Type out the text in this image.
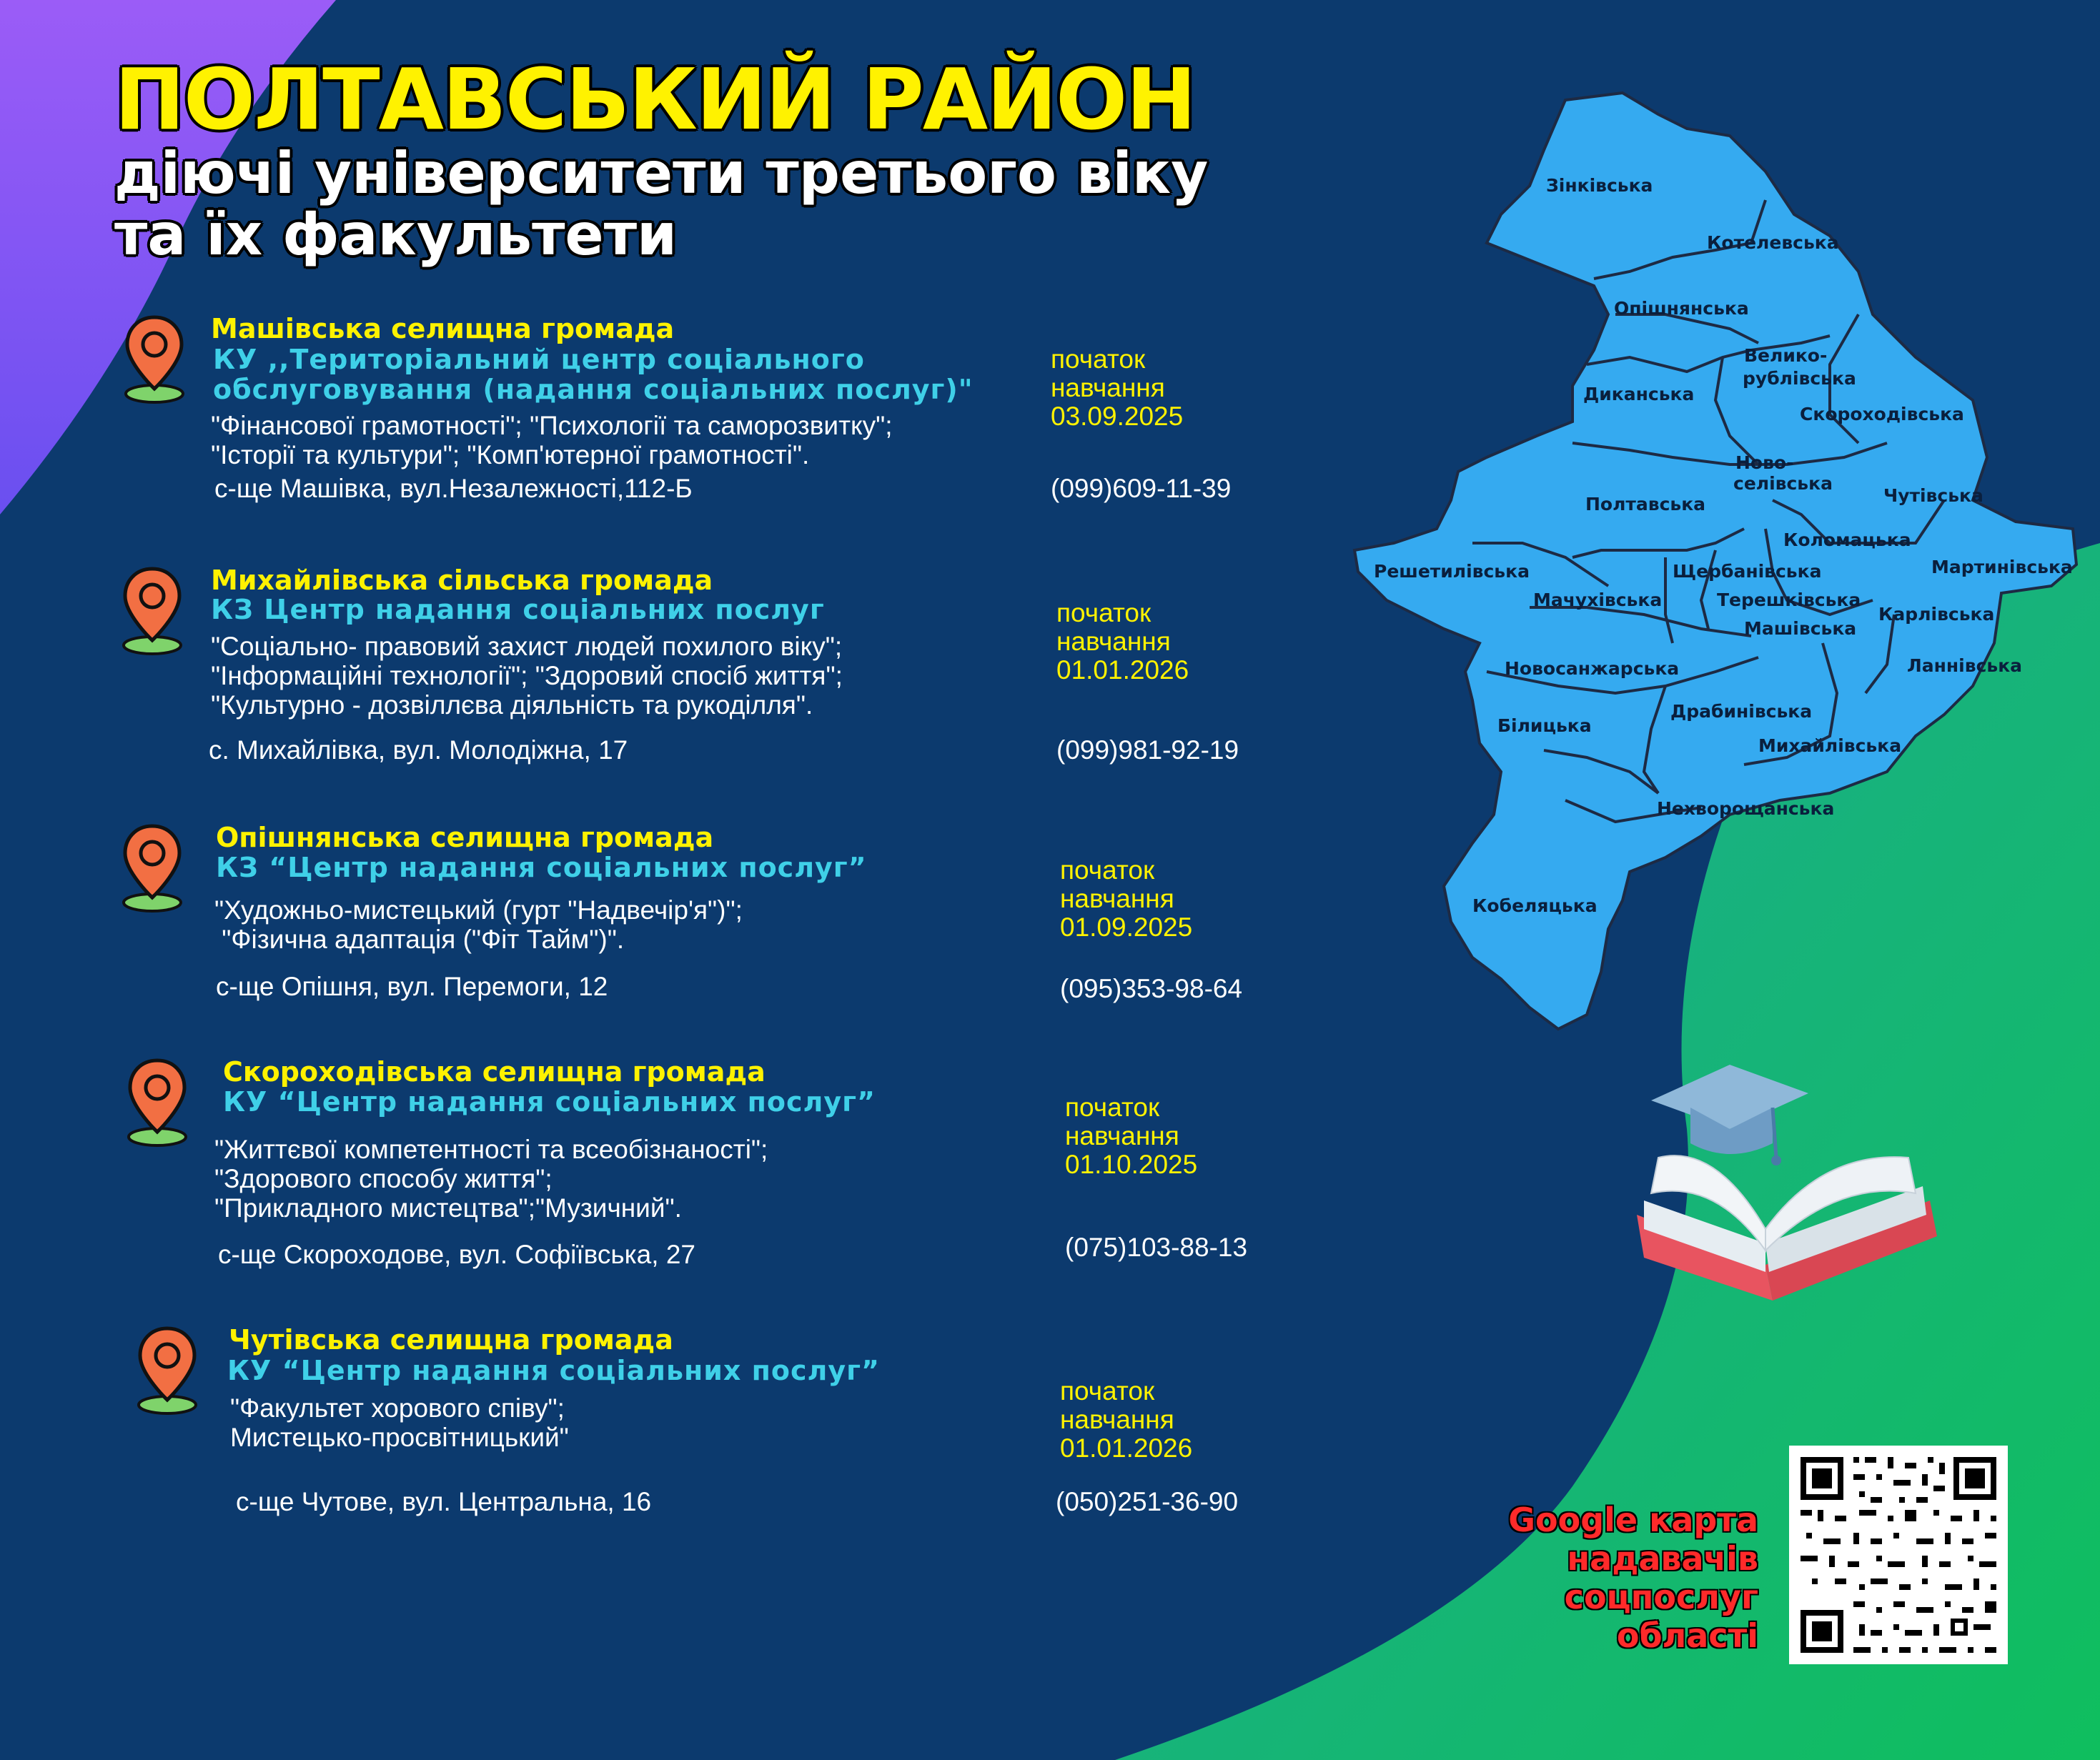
ПОЛТАВСЬКИЙ РАЙОН
діючі університети третього віку
та їх факультети
Машівська селищна громада
КУ ,,Територіальний центр соціального
обслуговування (надання соціальних послуг)"
"Фінансової грамотності"; "Психології та саморозвитку";
"Історії та культури"; "Комп'ютерної грамотності".
с-ще Машівка, вул.Незалежності,112-Б
початок
навчання
03.09.2025
(099)609-11-39
Михайлівська сільська громада
КЗ Центр надання соціальних послуг
"Соціально- правовий захист людей похилого віку";
"Інформаційні технології"; "Здоровий спосіб життя";
"Культурно - дозвіллєва діяльність та рукоділля".
с. Михайлівка, вул. Молодіжна, 17
початок
навчання
01.01.2026
(099)981-92-19
Опішнянська селищна громада
КЗ “Центр надання соціальних послуг”
"Художньо-мистецький (гурт "Надвечір'я")";
"Фізична адаптація ("Фіт Тайм")".
с-ще Опішня, вул. Перемоги, 12
початок
навчання
01.09.2025
(095)353-98-64
Скороходівська селищна громада
КУ “Центр надання соціальних послуг”
"Життєвої компетентності та всеобізнаності";
"Здорового способу життя";
"Прикладного мистецтва";"Музичний".
с-ще Скороходове, вул. Софіївська, 27
початок
навчання
01.10.2025
(075)103-88-13
Чутівська селищна громада
КУ “Центр надання соціальних послуг”
"Факультет хорового співу";
Мистецько-просвітницький"
с-ще Чутове, вул. Центральна, 16
початок
навчання
01.01.2026
(050)251-36-90
Зінківська
Котелевська
Опішнянська
Велико-
рублівська
Диканська
Скороходівська
Ново-
селівська
Чутівська
Полтавська
Коломацька
Решетилівська	Мартинівська
Щербанівська
Мачухівська	Терешківська
Карлівська
Машівська
Ланнівська
Новосанжарська
Драбинівська
Білицька
Михайлівська
Нехворощанська
Кобеляцька
Google карта
надавачів
соцпослуг
області
